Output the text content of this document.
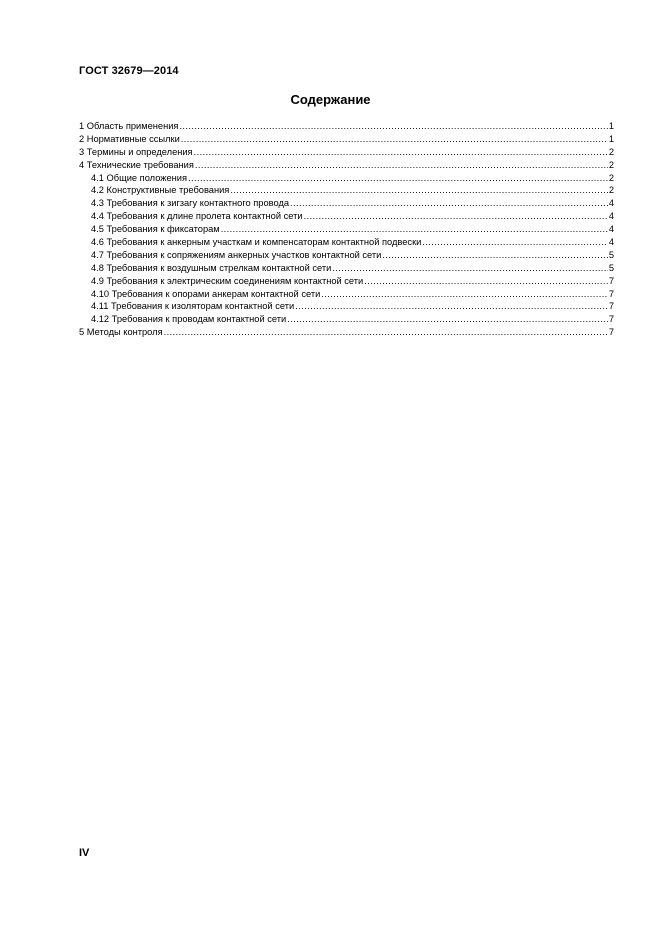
ГОСТ 32679—2014
Содержание
1 Область применения .....	1
2 Нормативные ссылки .....	1
3 Термины и определения .....	2
4 Технические требования .....	2
4.1 Общие положения .....	2
4.2 Конструктивные требования .....	2
4.3 Требования к зигзагу контактного провода .....	4
4.4 Требования к длине пролета контактной сети .....	4
4.5 Требования к фиксаторам .....	4
4.6 Требования к анкерным участкам и компенсаторам контактной подвески .....	4
4.7 Требования к сопряжениям анкерных участков контактной сети .....	5
4.8 Требования к воздушным стрелкам контактной сети .....	5
4.9 Требования к электрическим соединениям контактной сети .....	7
4.10 Требования к опорами анкерам контактной сети .....	7
4.11 Требования к изоляторам контактной сети .....	7
4.12 Требования к проводам контактной сети .....	7
5 Методы контроля .....	7
IV
